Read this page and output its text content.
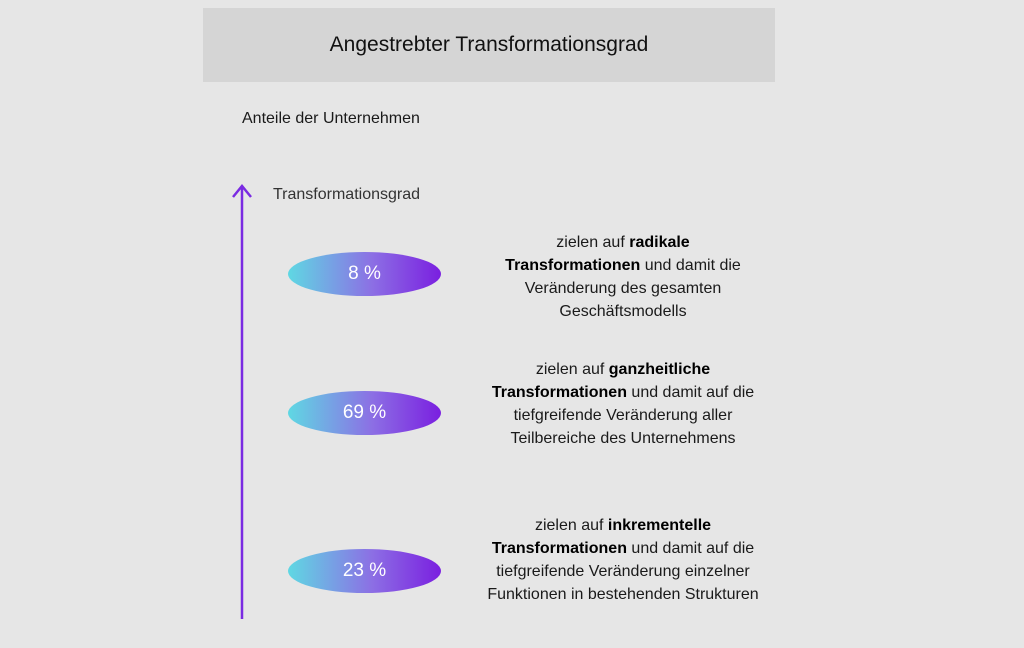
Angestrebter Transformationsgrad
Anteile der Unternehmen
Transformationsgrad
8 %
zielen auf radikale
Transformationen und damit die Veränderung des gesamten Geschäftsmodells
69 %
zielen auf ganzheitliche
Transformationen und damit auf die tiefgreifende Veränderung aller Teilbereiche des Unternehmens
23 %
zielen auf inkrementelle
Transformationen und damit auf die tiefgreifende Veränderung einzelner Funktionen in bestehenden Strukturen
